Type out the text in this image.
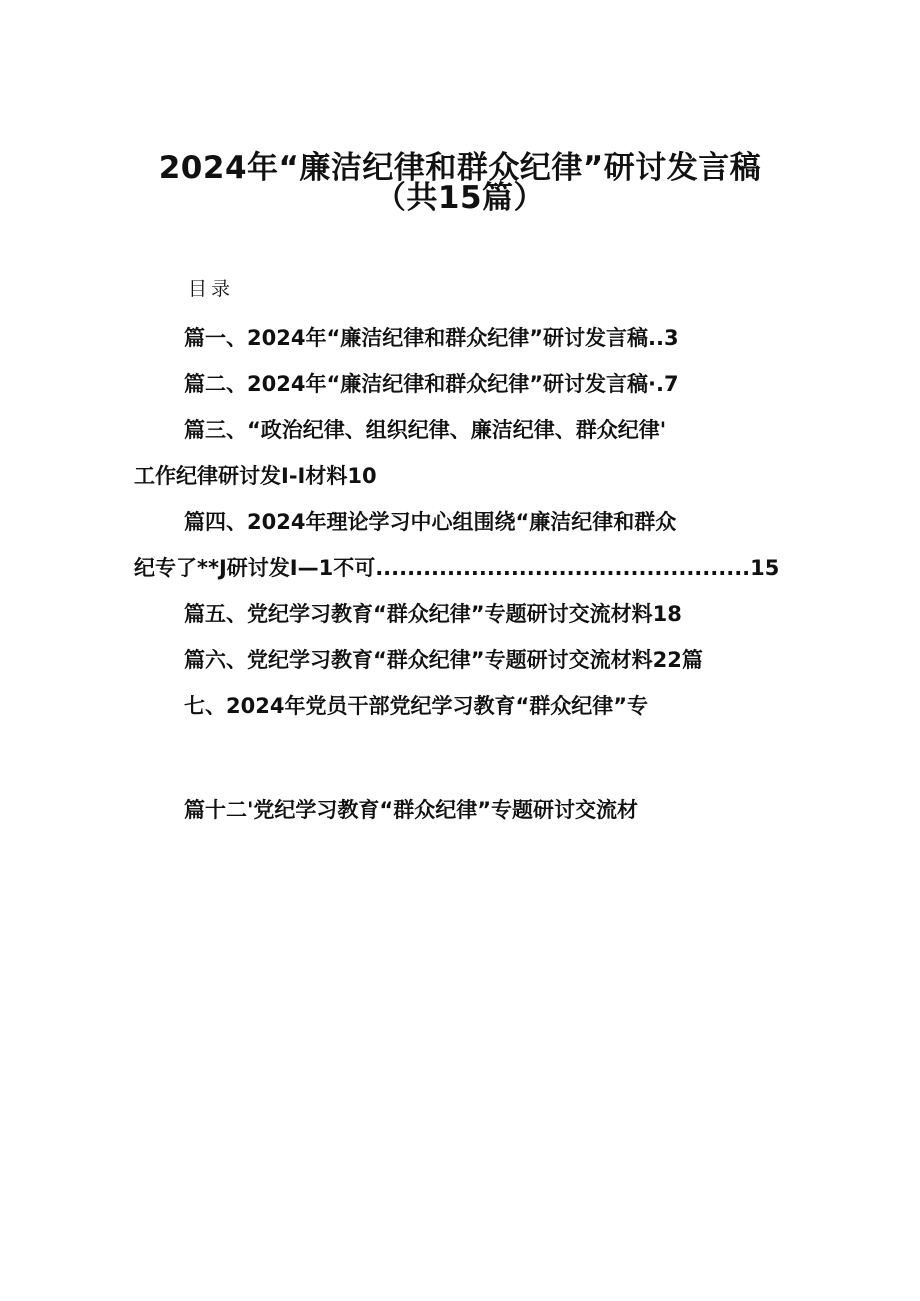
2024年“廉洁纪律和群众纪律”研讨发言稿
（共15篇）
目录
篇一、2024年“廉洁纪律和群众纪律”研讨发言稿..3
篇二、2024年“廉洁纪律和群众纪律”研讨发言稿·.7
篇三、“政治纪律、组织纪律、廉洁纪律、群众纪律'
工作纪律研讨发I-I材料10
篇四、2024年理论学习中心组围绕“廉洁纪律和群众
纪专了**J研讨发I—1不可...............................................15
篇五、党纪学习教育“群众纪律”专题研讨交流材料18
篇六、党纪学习教育“群众纪律”专题研讨交流材料22篇
七、2024年党员干部党纪学习教育“群众纪律”专
篇十二'党纪学习教育“群众纪律”专题研讨交流材
